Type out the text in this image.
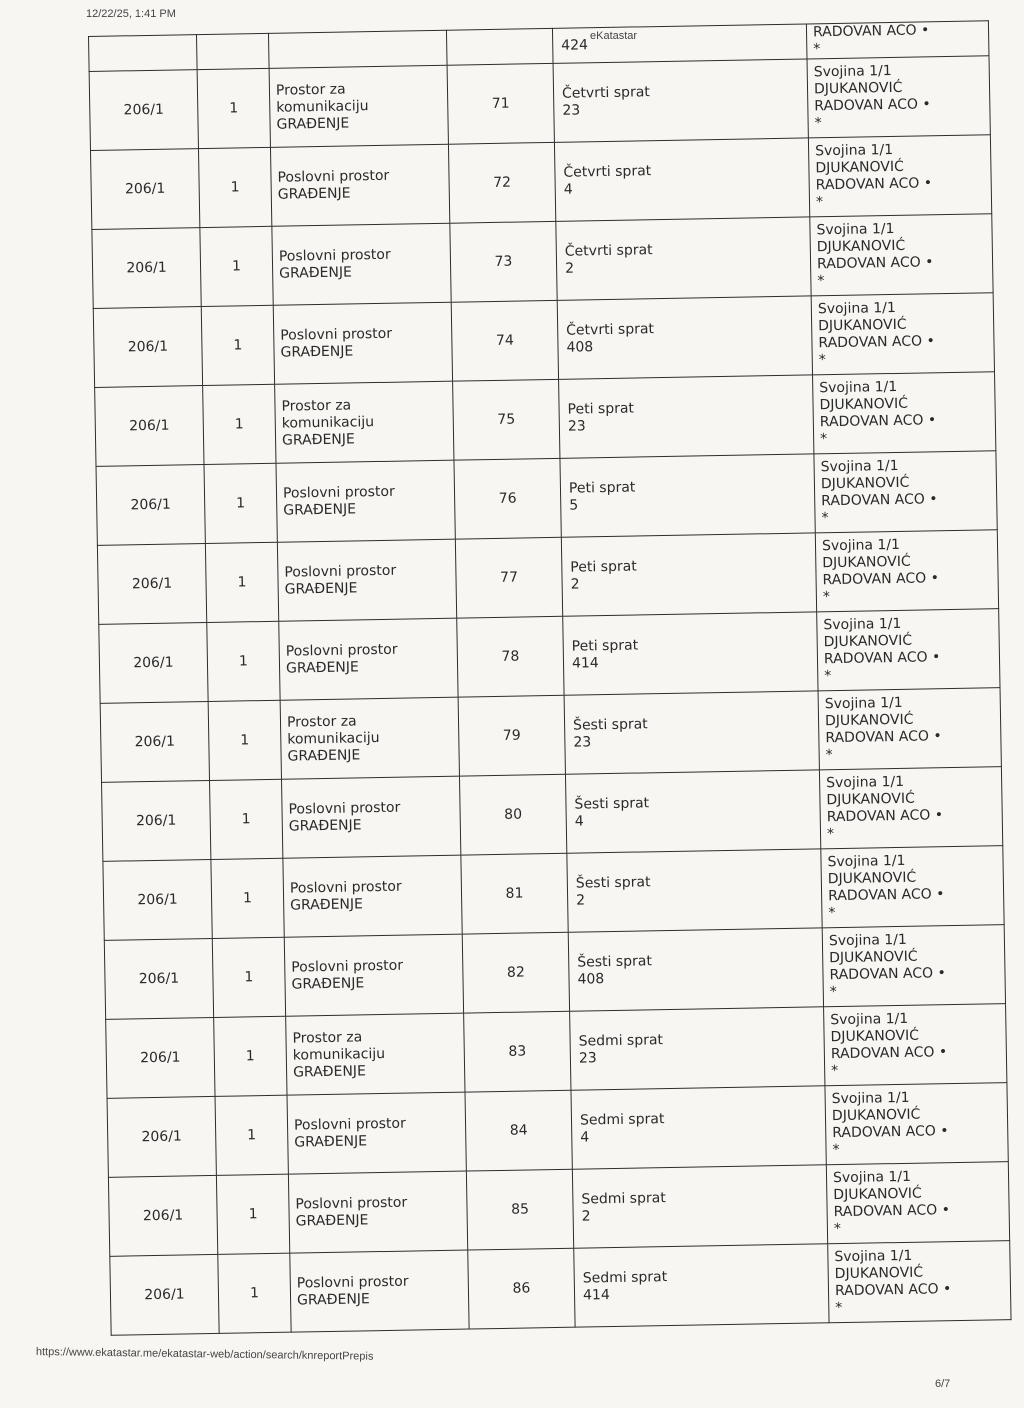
12/22/25, 1:41 PM
eKatastar

				424	RADOVAN ACO •
*

206/1	1	Prostor za
komunikaciju
GRAĐENJE	71	Četvrti sprat
23	Svojina 1/1
DJUKANOVIĆ
RADOVAN ACO •
*

206/1	1	Poslovni prostor
GRAĐENJE	72	Četvrti sprat
4	Svojina 1/1
DJUKANOVIĆ
RADOVAN ACO •
*

206/1	1	Poslovni prostor
GRAĐENJE	73	Četvrti sprat
2	Svojina 1/1
DJUKANOVIĆ
RADOVAN ACO •
*

206/1	1	Poslovni prostor
GRAĐENJE	74	Četvrti sprat
408	Svojina 1/1
DJUKANOVIĆ
RADOVAN ACO •
*

206/1	1	Prostor za
komunikaciju
GRAĐENJE	75	Peti sprat
23	Svojina 1/1
DJUKANOVIĆ
RADOVAN ACO •
*

206/1	1	Poslovni prostor
GRAĐENJE	76	Peti sprat
5	Svojina 1/1
DJUKANOVIĆ
RADOVAN ACO •
*

206/1	1	Poslovni prostor
GRAĐENJE	77	Peti sprat
2	Svojina 1/1
DJUKANOVIĆ
RADOVAN ACO •
*

206/1	1	Poslovni prostor
GRAĐENJE	78	Peti sprat
414	Svojina 1/1
DJUKANOVIĆ
RADOVAN ACO •
*

206/1	1	Prostor za
komunikaciju
GRAĐENJE	79	Šesti sprat
23	Svojina 1/1
DJUKANOVIĆ
RADOVAN ACO •
*

206/1	1	Poslovni prostor
GRAĐENJE	80	Šesti sprat
4	Svojina 1/1
DJUKANOVIĆ
RADOVAN ACO •
*

206/1	1	Poslovni prostor
GRAĐENJE	81	Šesti sprat
2	Svojina 1/1
DJUKANOVIĆ
RADOVAN ACO •
*

206/1	1	Poslovni prostor
GRAĐENJE	82	Šesti sprat
408	Svojina 1/1
DJUKANOVIĆ
RADOVAN ACO •
*

206/1	1	Prostor za
komunikaciju
GRAĐENJE	83	Sedmi sprat
23	Svojina 1/1
DJUKANOVIĆ
RADOVAN ACO •
*

206/1	1	Poslovni prostor
GRAĐENJE	84	Sedmi sprat
4	Svojina 1/1
DJUKANOVIĆ
RADOVAN ACO •
*

206/1	1	Poslovni prostor
GRAĐENJE	85	Sedmi sprat
2	Svojina 1/1
DJUKANOVIĆ
RADOVAN ACO •
*

206/1	1	Poslovni prostor
GRAĐENJE	86	Sedmi sprat
414	Svojina 1/1
DJUKANOVIĆ
RADOVAN ACO •
*
https://www.ekatastar.me/ekatastar-web/action/search/knreportPrepis
6/7
